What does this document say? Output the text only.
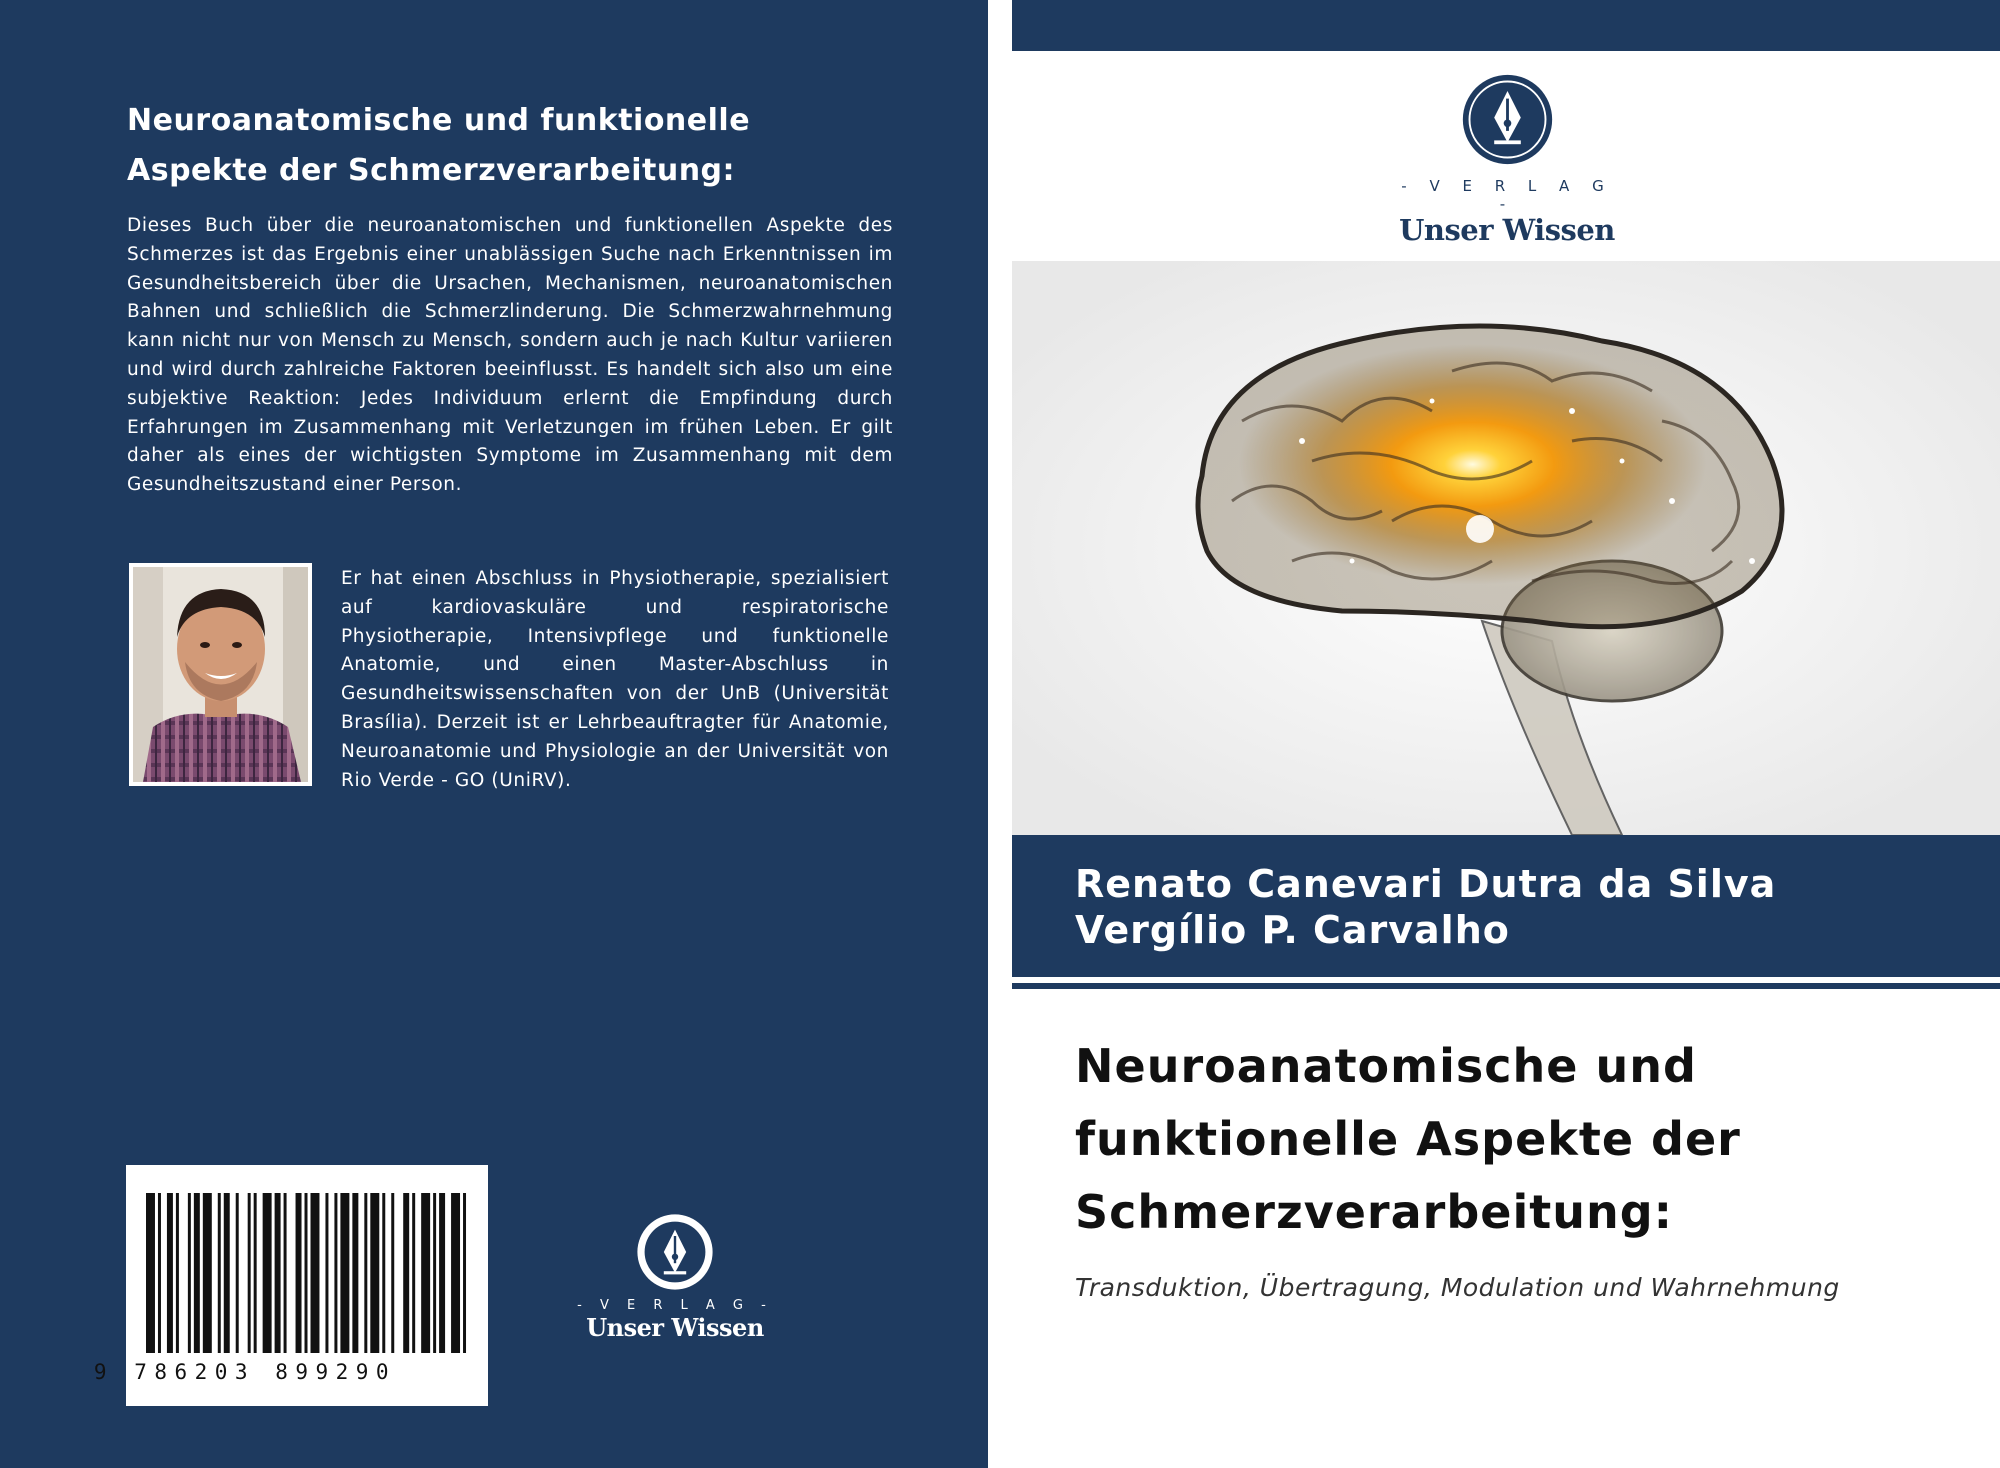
Neuroanatomische und funktionelle
Aspekte der Schmerzverarbeitung:

Dieses Buch über die neuroanatomischen und funktionellen Aspekte des Schmerzes ist das Ergebnis einer unablässigen Suche nach Erkenntnissen im Gesundheitsbereich über die Ursachen, Mechanismen, neuroanatomischen Bahnen und schließlich die Schmerzlinderung. Die Schmerzwahrnehmung kann nicht nur von Mensch zu Mensch, sondern auch je nach Kultur variieren und wird durch zahlreiche Faktoren beeinflusst. Es handelt sich also um eine subjektive Reaktion: Jedes Individuum erlernt die Empfindung durch Erfahrungen im Zusammenhang mit Verletzungen im frühen Leben. Er gilt daher als eines der wichtigsten Symptome im Zusammenhang mit dem Gesundheitszustand einer Person.

Er hat einen Abschluss in Physiotherapie, spezialisiert auf kardiovaskuläre und respiratorische Physiotherapie, Intensivpflege und funktionelle Anatomie, und einen Master-Abschluss in Gesundheitswissenschaften von der UnB (Universität Brasília). Derzeit ist er Lehrbeauftragter für Anatomie, Neuroanatomie und Physiologie an der Universität von Rio Verde - GO (UniRV).

9 786203 899290
- V E R L A G -
Unser Wissen
- V E R L A G -
Unser Wissen
Renato Canevari Dutra da Silva
Vergílio P. Carvalho
Neuroanatomische und
funktionelle Aspekte der
Schmerzverarbeitung:
Transduktion, Übertragung, Modulation und Wahrnehmung
